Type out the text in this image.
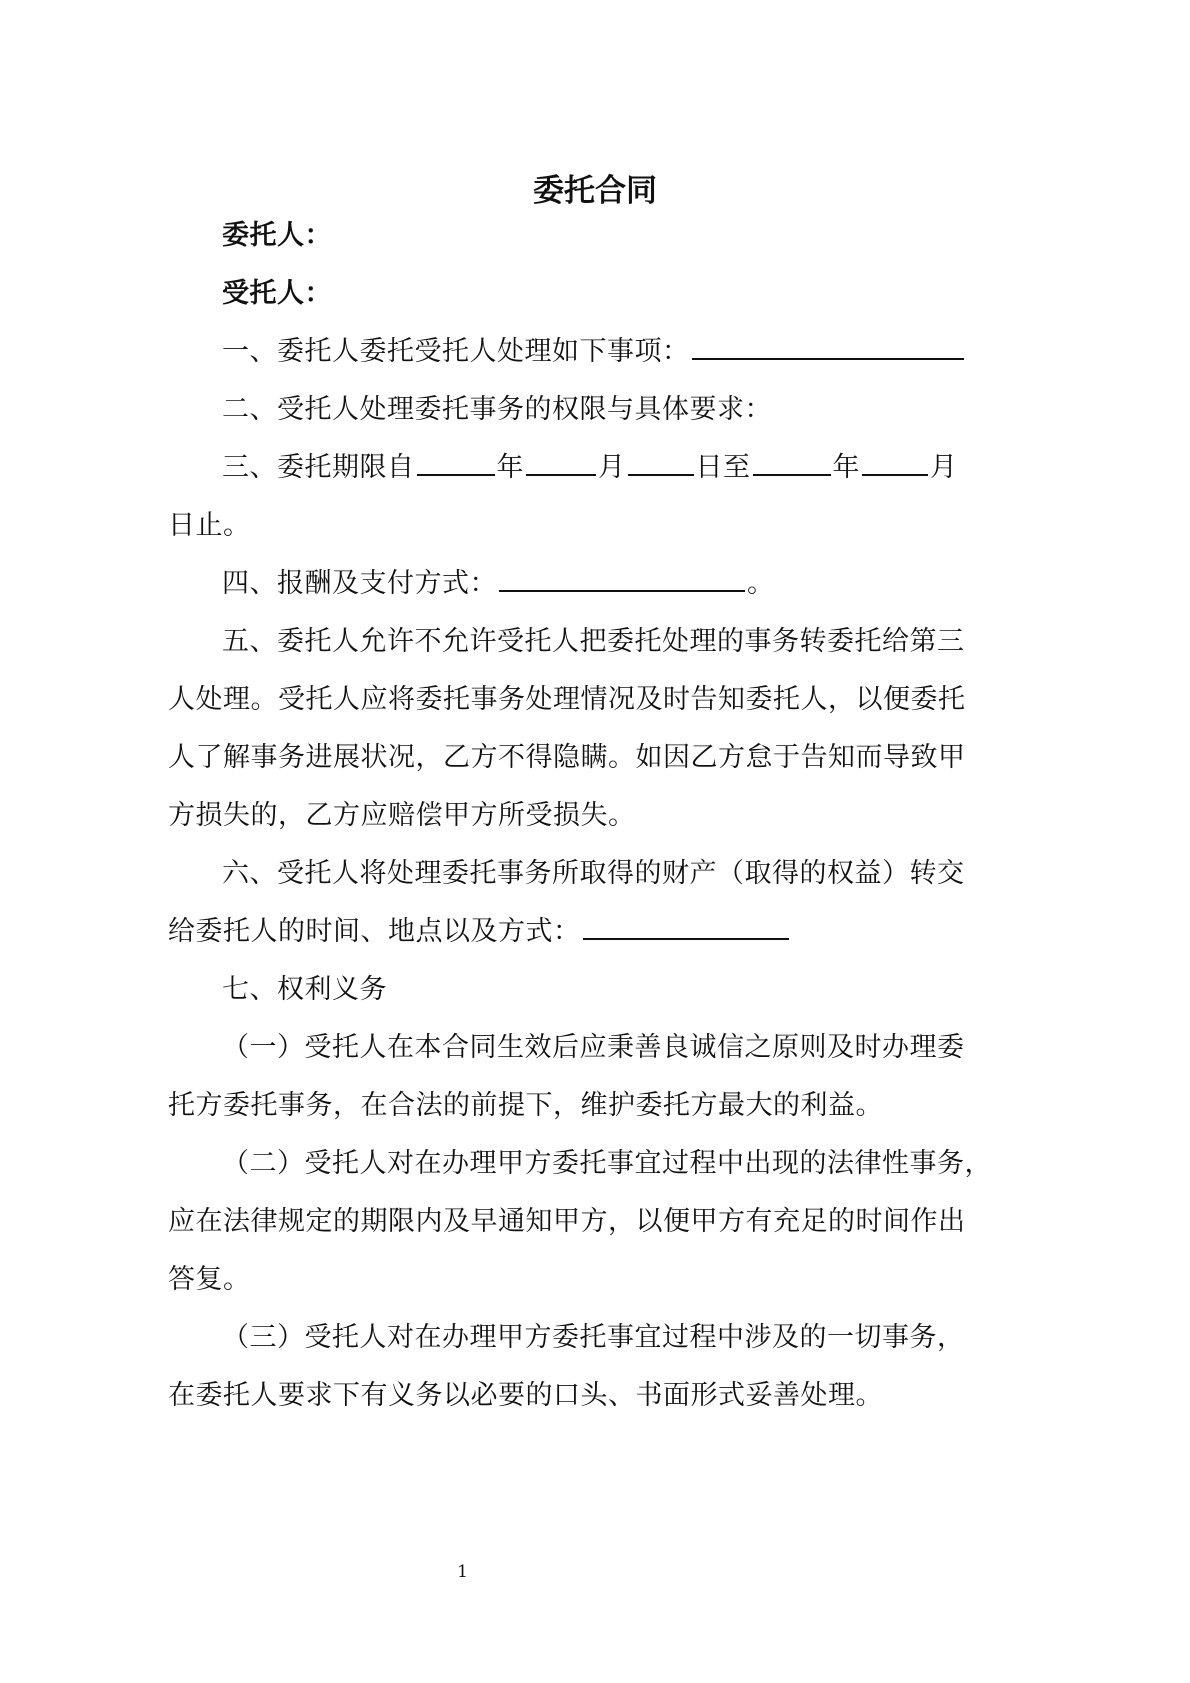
委托合同

委托人：

受托人：

一、委托人委托受托人处理如下事项：

二、受托人处理委托事务的权限与具体要求：

三、委托期限自	年	月	日至	年	月

日止。

四、报酬及支付方式：	。

五、委托人允许不允许受托人把委托处理的事务转委托给第三

人处理。受托人应将委托事务处理情况及时告知委托人，以便委托

人了解事务进展状况，乙方不得隐瞒。如因乙方怠于告知而导致甲

方损失的，乙方应赔偿甲方所受损失。

六、受托人将处理委托事务所取得的财产（取得的权益）转交

给委托人的时间、地点以及方式：

七、权利义务

（一）受托人在本合同生效后应秉善良诚信之原则及时办理委

托方委托事务，在合法的前提下，维护委托方最大的利益。

（二）受托人对在办理甲方委托事宜过程中出现的法律性事务，

应在法律规定的期限内及早通知甲方，以便甲方有充足的时间作出

答复。

（三）受托人对在办理甲方委托事宜过程中涉及的一切事务，

在委托人要求下有义务以必要的口头、书面形式妥善处理。

1
